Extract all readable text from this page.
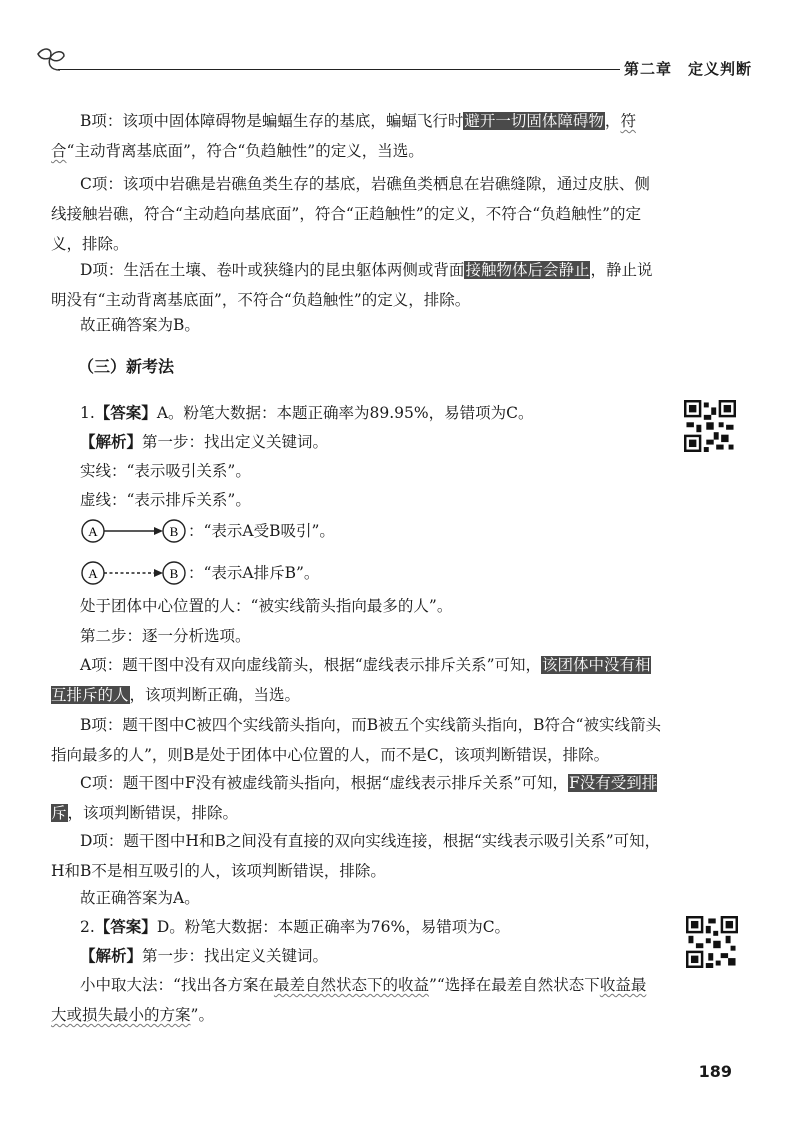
第二章　定义判断

B项：该项中固体障碍物是蝙蝠生存的基底，蝙蝠飞行时避开一切固体障碍物，符合“主动背离基底面”，符合“负趋触性”的定义，当选。

C项：该项中岩礁是岩礁鱼类生存的基底，岩礁鱼类栖息在岩礁缝隙，通过皮肤、侧线接触岩礁，符合“主动趋向基底面”，符合“正趋触性”的定义，不符合“负趋触性”的定义，排除。

D项：生活在土壤、卷叶或狭缝内的昆虫躯体两侧或背面接触物体后会静止，静止说明没有“主动背离基底面”，不符合“负趋触性”的定义，排除。

故正确答案为B。

（三）新考法

1.【答案】A。粉笔大数据：本题正确率为89.95%，易错项为C。

【解析】第一步：找出定义关键词。

实线：“表示吸引关系”。

虚线：“表示排斥关系”。

A	B ：“表示A受B吸引”。
A	B ：“表示A排斥B”。

处于团体中心位置的人：“被实线箭头指向最多的人”。

第二步：逐一分析选项。

A项：题干图中没有双向虚线箭头，根据“虚线表示排斥关系”可知，该团体中没有相互排斥的人，该项判断正确，当选。

B项：题干图中C被四个实线箭头指向，而B被五个实线箭头指向，B符合“被实线箭头指向最多的人”，则B是处于团体中心位置的人，而不是C，该项判断错误，排除。

C项：题干图中F没有被虚线箭头指向，根据“虚线表示排斥关系”可知，F没有受到排斥，该项判断错误，排除。

D项：题干图中H和B之间没有直接的双向实线连接，根据“实线表示吸引关系”可知，H和B不是相互吸引的人，该项判断错误，排除。

故正确答案为A。

2.【答案】D。粉笔大数据：本题正确率为76%，易错项为C。

【解析】第一步：找出定义关键词。

小中取大法：“找出各方案在最差自然状态下的收益”“选择在最差自然状态下收益最大或损失最小的方案”。

189
